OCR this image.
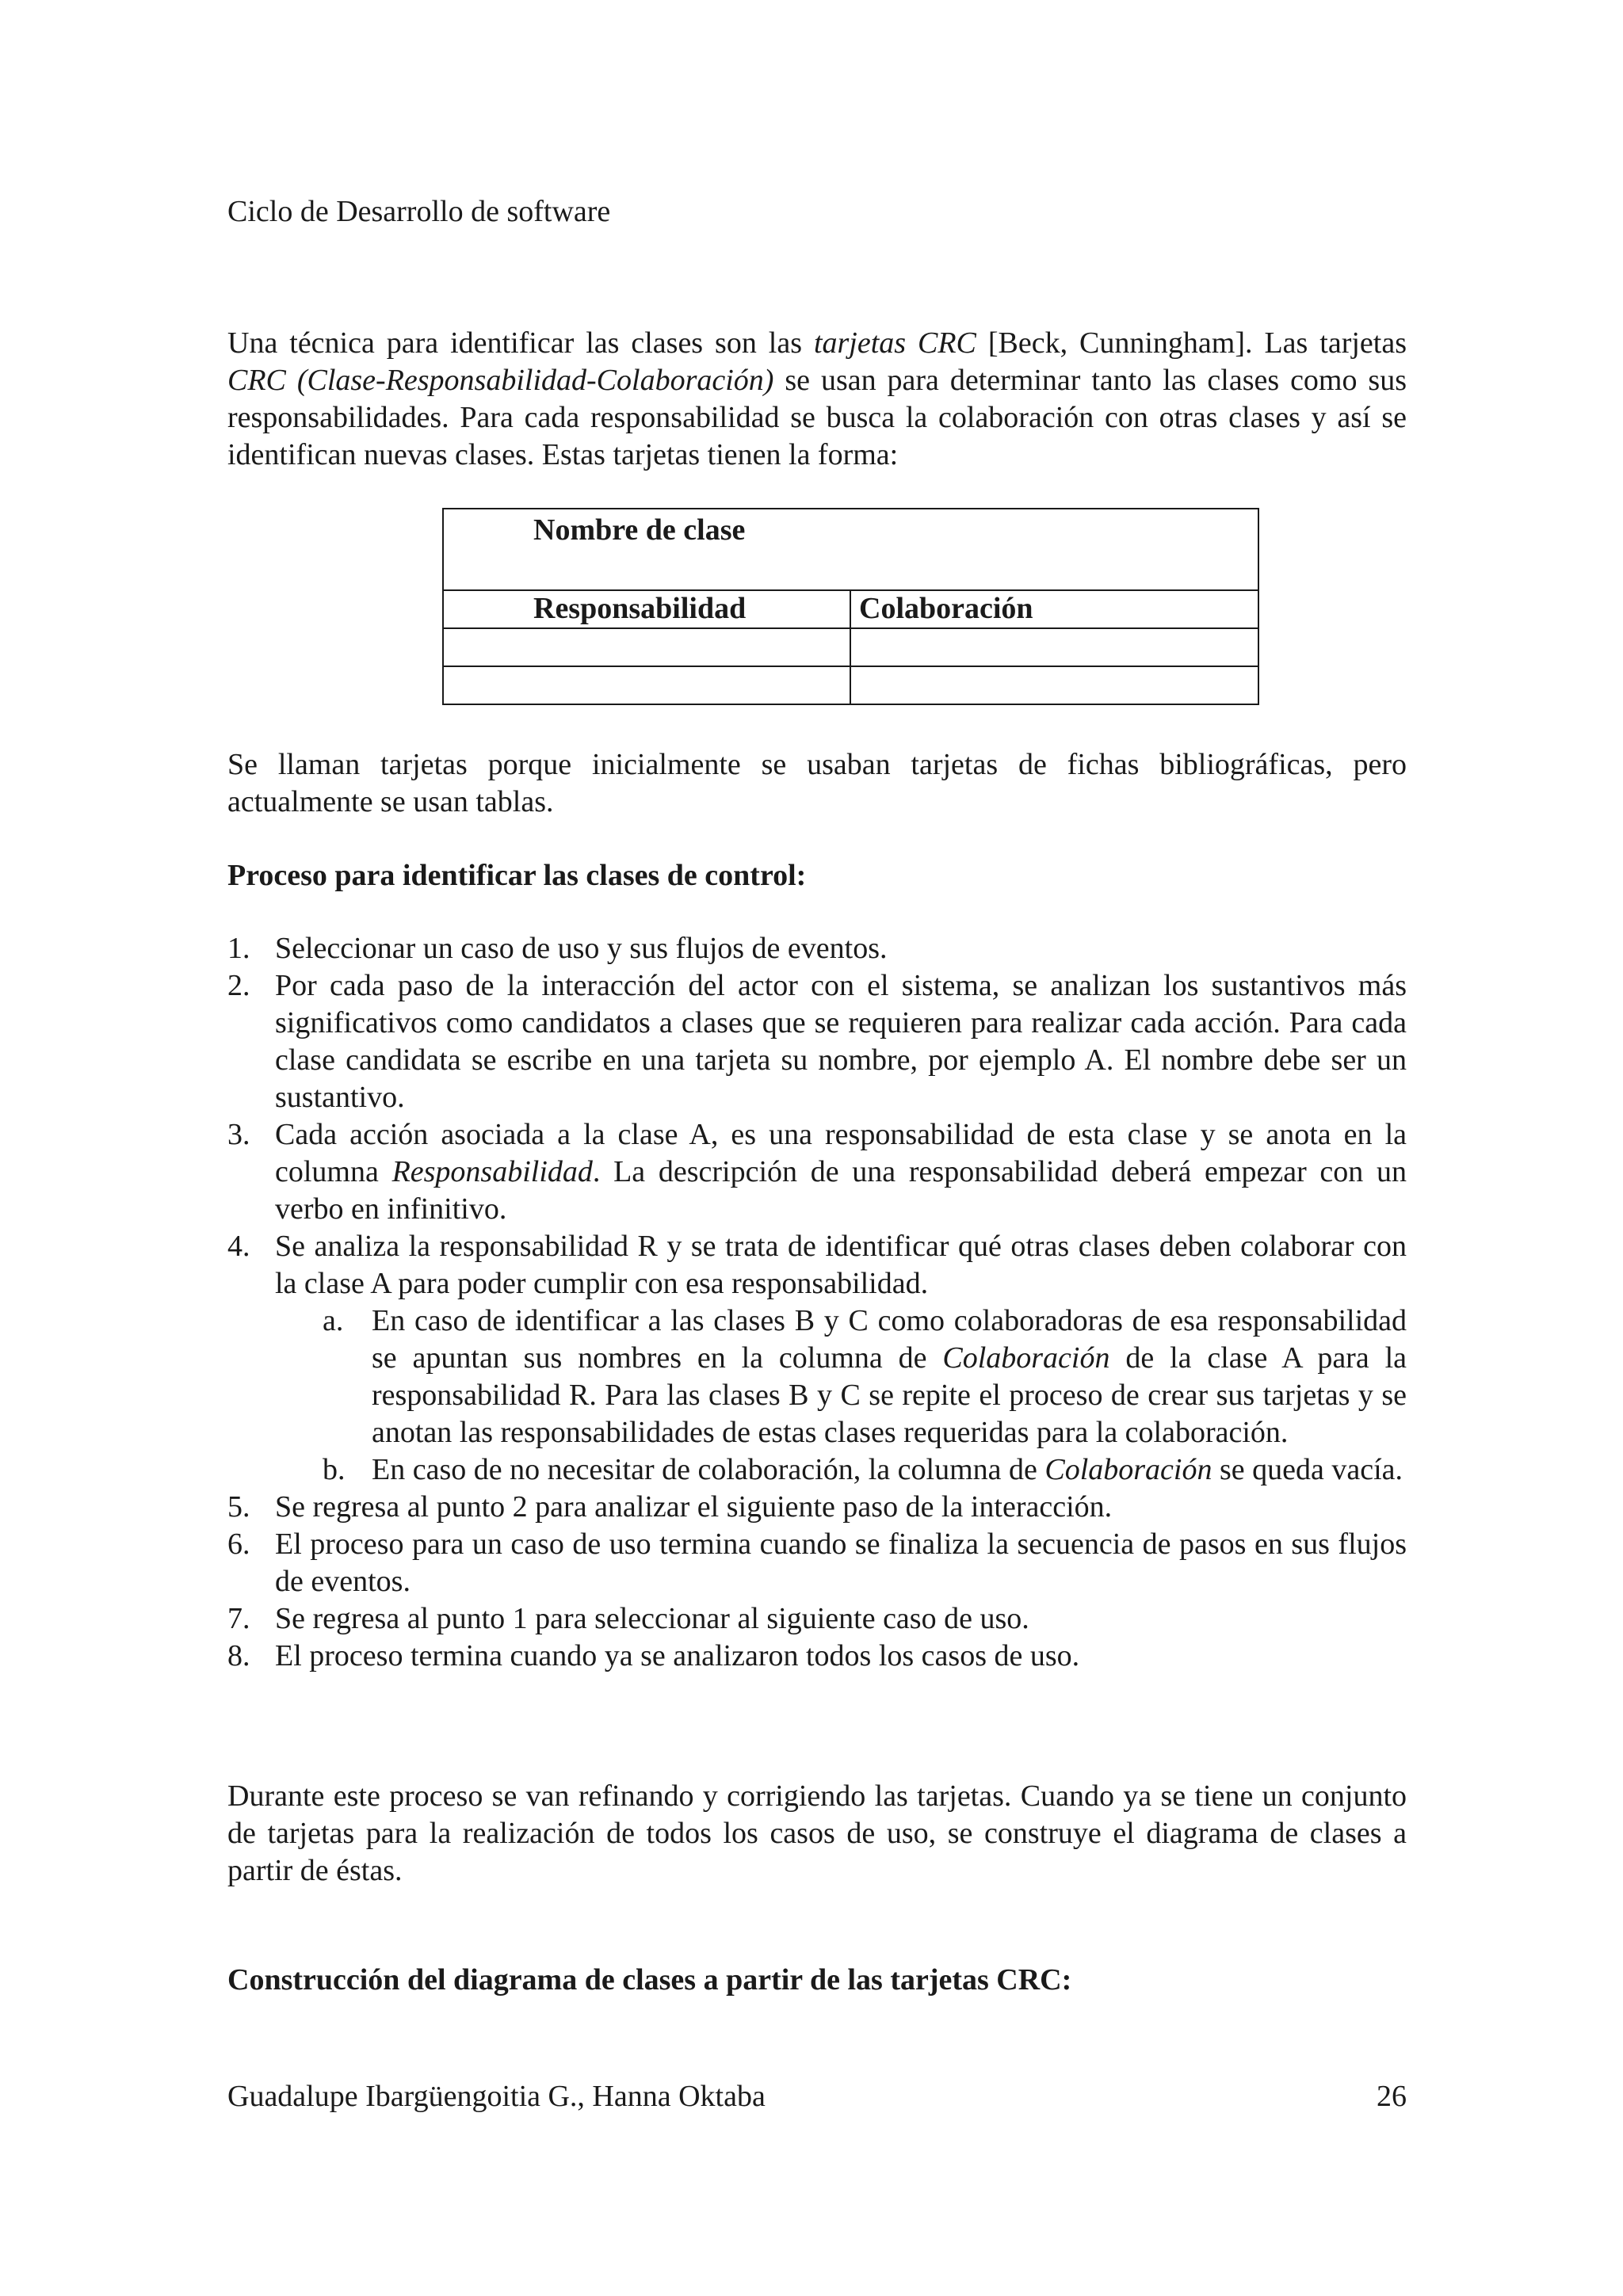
Ciclo de Desarrollo de software
Una técnica para identificar las clases son las tarjetas CRC [Beck, Cunningham]. Las tarjetas CRC (Clase-Responsabilidad-Colaboración) se usan para determinar tanto las clases como sus responsabilidades. Para cada responsabilidad se busca la colaboración con otras clases y así se identifican nuevas clases. Estas tarjetas tienen la forma:
Nombre de clase	
Responsabilidad	Colaboración

Se llaman tarjetas porque inicialmente se usaban tarjetas de fichas bibliográficas, pero actualmente se usan tablas.
Proceso para identificar las clases de control:
1. Seleccionar un caso de uso y sus flujos de eventos.
2. Por cada paso de la interacción del actor con el sistema, se analizan los sustantivos más significativos como candidatos a clases que se requieren para realizar cada acción. Para cada clase candidata se escribe en una tarjeta su nombre, por ejemplo A. El nombre debe ser un sustantivo.
3. Cada acción asociada a la clase A, es una responsabilidad de esta clase y se anota en la columna Responsabilidad. La descripción de una responsabilidad deberá empezar con un verbo en infinitivo.
4. Se analiza la responsabilidad R y se trata de identificar qué otras clases deben colaborar con la clase A para poder cumplir con esa responsabilidad.
a. En caso de identificar a las clases B y C como colaboradoras de esa responsabilidad se apuntan sus nombres en la columna de Colaboración de la clase A para la responsabilidad R. Para las clases B y C se repite el proceso de crear sus tarjetas y se anotan las responsabilidades de estas clases requeridas para la colaboración.
b. En caso de no necesitar de colaboración, la columna de Colaboración se queda vacía.
5. Se regresa al punto 2 para analizar el siguiente paso de la interacción.
6. El proceso para un caso de uso termina cuando se finaliza la secuencia de pasos en sus flujos de eventos.
7. Se regresa al punto 1 para seleccionar al siguiente caso de uso.
8. El proceso termina cuando ya se analizaron todos los casos de uso.
Durante este proceso se van refinando y corrigiendo las tarjetas. Cuando ya se tiene un conjunto de tarjetas para la realización de todos los casos de uso, se construye el diagrama de clases a partir de éstas.
Construcción del diagrama de clases a partir de las tarjetas CRC:
Guadalupe Ibargüengoitia G., Hanna Oktaba	26
